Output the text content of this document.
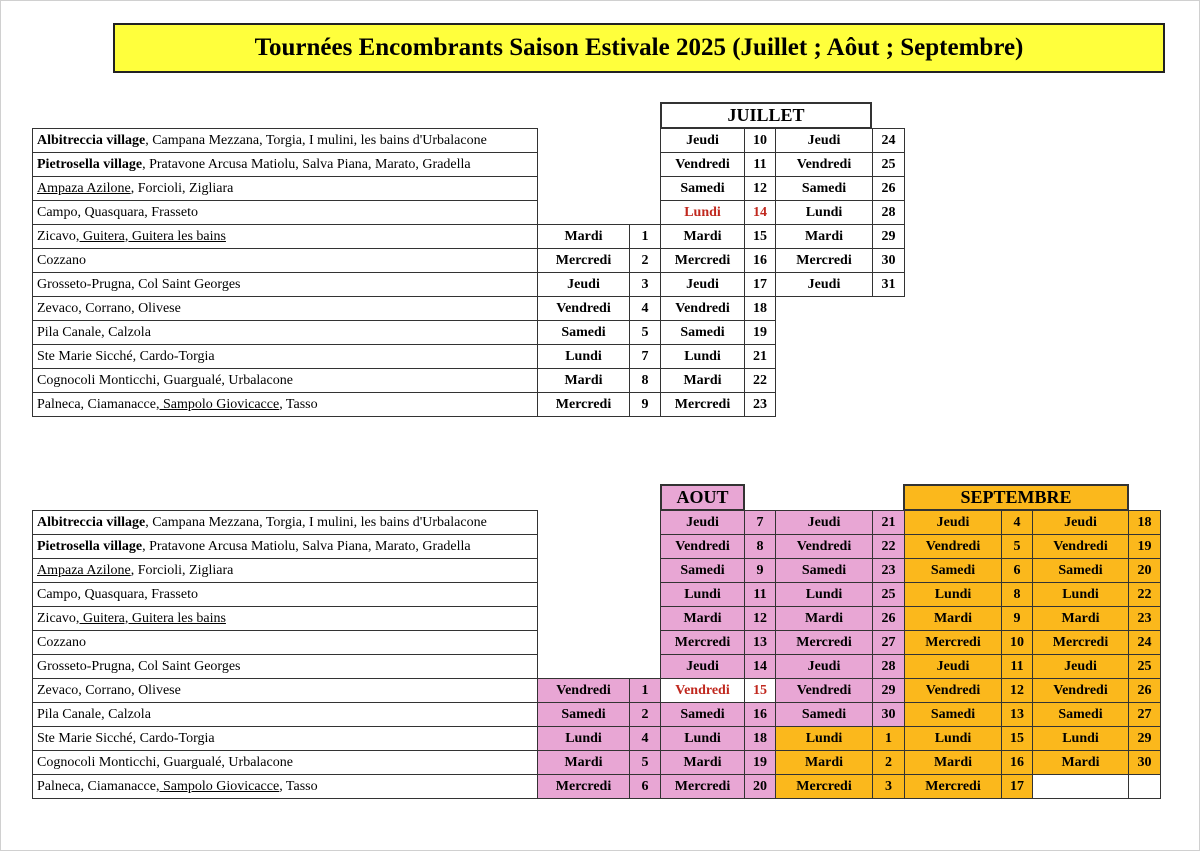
Tournées Encombrants Saison Estivale 2025 (Juillet ; Aôut ; Septembre)
JUILLET
AOUT	SEPTEMBRE
Albitreccia village, Campana Mezzana, Torgia, I mulini, les bains d'Urbalacone			Jeudi	10	Jeudi	24
Pietrosella village, Pratavone Arcusa Matiolu, Salva Piana, Marato, Gradella			Vendredi	11	Vendredi	25
Ampaza Azilone, Forcioli, Zigliara			Samedi	12	Samedi	26
Campo, Quasquara, Frasseto			Lundi	14	Lundi	28
Zicavo, Guitera, Guitera les bains	Mardi	1	Mardi	15	Mardi	29
Cozzano	Mercredi	2	Mercredi	16	Mercredi	30
Grosseto-Prugna, Col Saint Georges	Jeudi	3	Jeudi	17	Jeudi	31
Zevaco, Corrano, Olivese	Vendredi	4	Vendredi	18		
Pila Canale, Calzola	Samedi	5	Samedi	19		
Ste Marie Sicché, Cardo-Torgia	Lundi	7	Lundi	21		
Cognocoli Monticchi, Guargualé, Urbalacone	Mardi	8	Mardi	22		
Palneca, Ciamanacce, Sampolo Giovicacce, Tasso	Mercredi	9	Mercredi	23		
Albitreccia village, Campana Mezzana, Torgia, I mulini, les bains d'Urbalacone			Jeudi	7	Jeudi	21	Jeudi	4	Jeudi	18
Pietrosella village, Pratavone Arcusa Matiolu, Salva Piana, Marato, Gradella			Vendredi	8	Vendredi	22	Vendredi	5	Vendredi	19
Ampaza Azilone, Forcioli, Zigliara			Samedi	9	Samedi	23	Samedi	6	Samedi	20
Campo, Quasquara, Frasseto			Lundi	11	Lundi	25	Lundi	8	Lundi	22
Zicavo, Guitera, Guitera les bains			Mardi	12	Mardi	26	Mardi	9	Mardi	23
Cozzano			Mercredi	13	Mercredi	27	Mercredi	10	Mercredi	24
Grosseto-Prugna, Col Saint Georges			Jeudi	14	Jeudi	28	Jeudi	11	Jeudi	25
Zevaco, Corrano, Olivese	Vendredi	1	Vendredi	15	Vendredi	29	Vendredi	12	Vendredi	26
Pila Canale, Calzola	Samedi	2	Samedi	16	Samedi	30	Samedi	13	Samedi	27
Ste Marie Sicché, Cardo-Torgia	Lundi	4	Lundi	18	Lundi	1	Lundi	15	Lundi	29
Cognocoli Monticchi, Guargualé, Urbalacone	Mardi	5	Mardi	19	Mardi	2	Mardi	16	Mardi	30
Palneca, Ciamanacce, Sampolo Giovicacce, Tasso	Mercredi	6	Mercredi	20	Mercredi	3	Mercredi	17		
